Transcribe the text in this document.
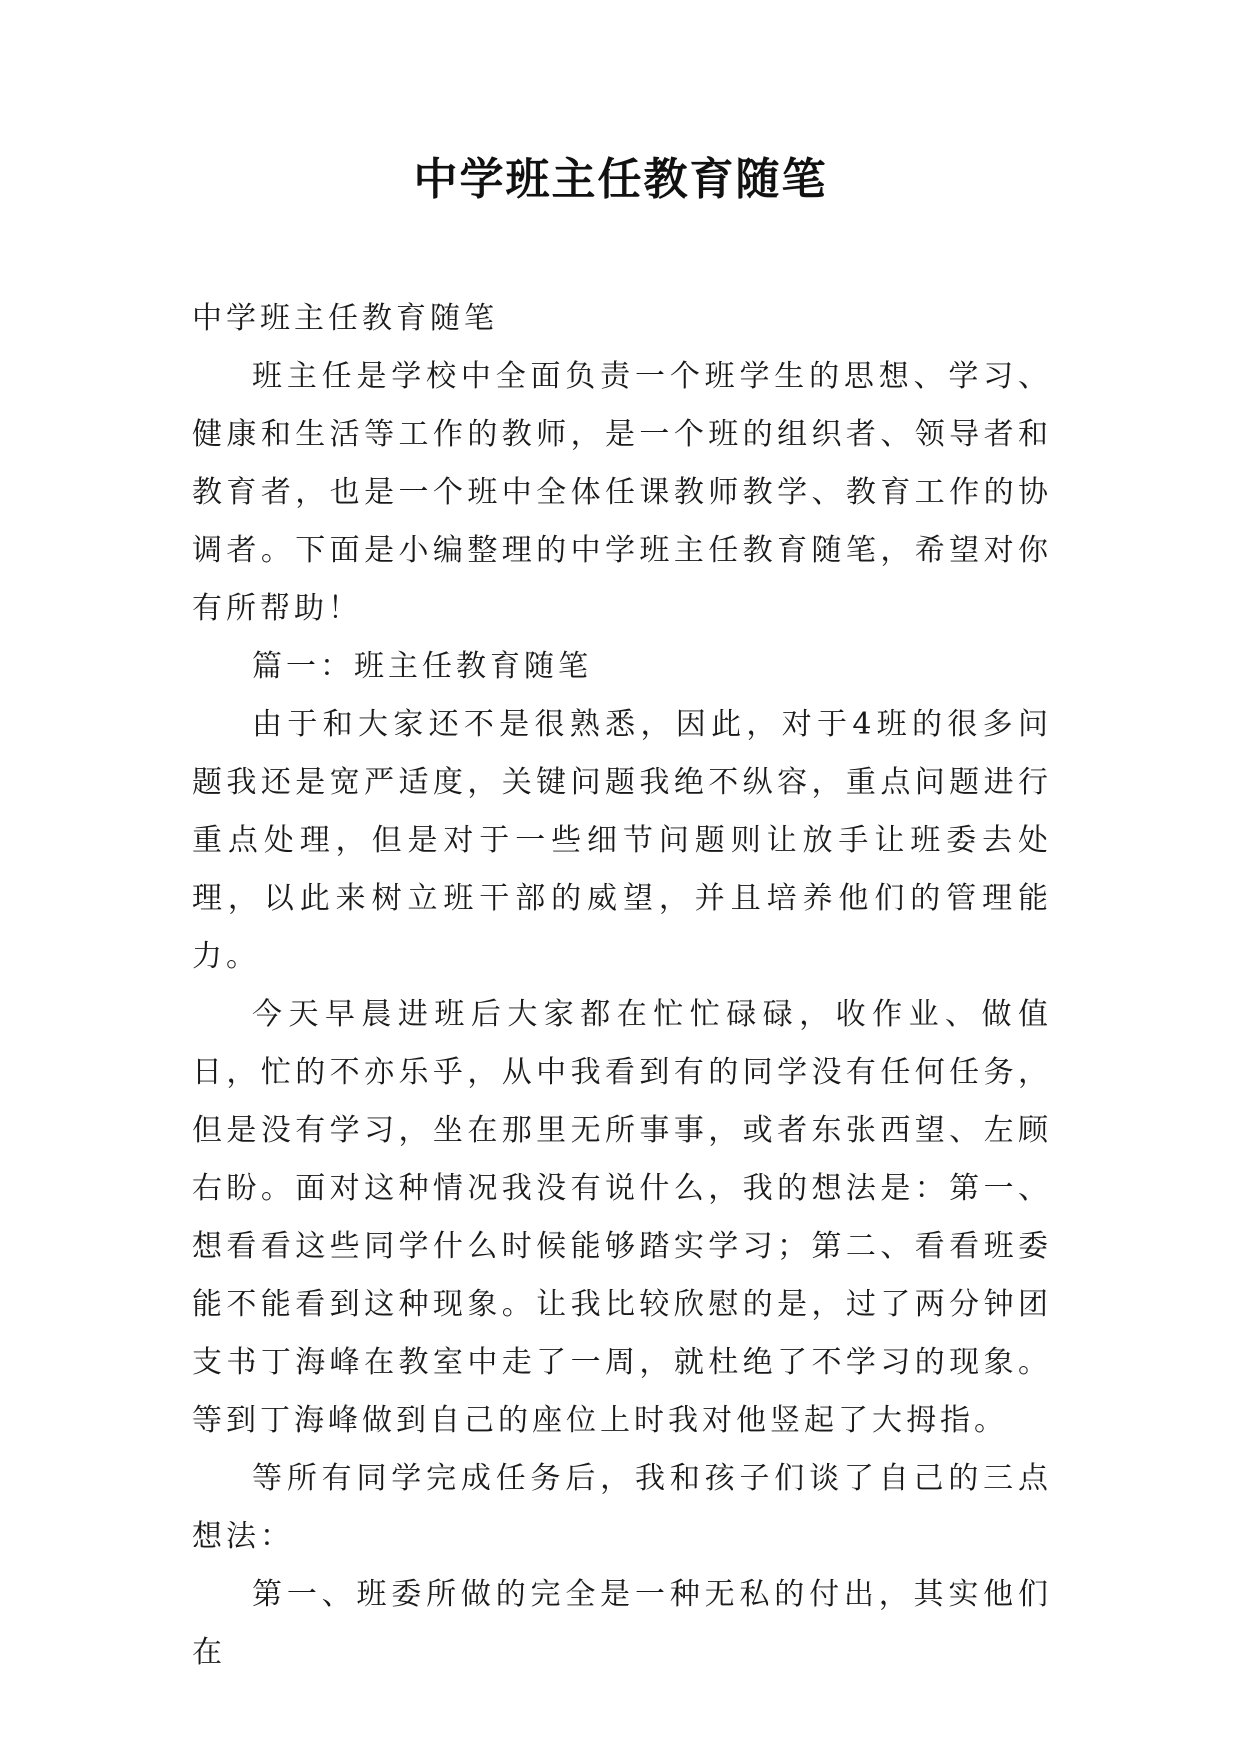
中学班主任教育随笔

中学班主任教育随笔

班主任是学校中全面负责一个班学生的思想、学习、健康和生活等工作的教师，是一个班的组织者、领导者和教育者，也是一个班中全体任课教师教学、教育工作的协调者。下面是小编整理的中学班主任教育随笔，希望对你有所帮助！

篇一：班主任教育随笔

由于和大家还不是很熟悉，因此，对于4班的很多问题我还是宽严适度，关键问题我绝不纵容，重点问题进行重点处理，但是对于一些细节问题则让放手让班委去处理，以此来树立班干部的威望，并且培养他们的管理能力。

今天早晨进班后大家都在忙忙碌碌，收作业、做值日，忙的不亦乐乎，从中我看到有的同学没有任何任务，但是没有学习，坐在那里无所事事，或者东张西望、左顾右盼。面对这种情况我没有说什么，我的想法是：第一、想看看这些同学什么时候能够踏实学习；第二、看看班委能不能看到这种现象。让我比较欣慰的是，过了两分钟团支书丁海峰在教室中走了一周，就杜绝了不学习的现象。等到丁海峰做到自己的座位上时我对他竖起了大拇指。

等所有同学完成任务后，我和孩子们谈了自己的三点想法：

第一、班委所做的完全是一种无私的付出，其实他们在
